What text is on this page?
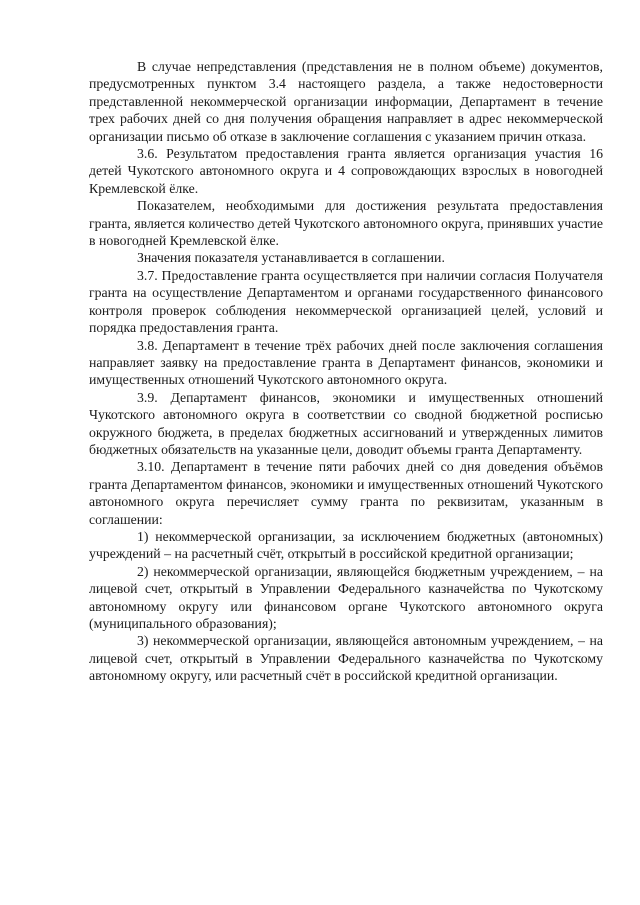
В случае непредставления (представления не в полном объеме) документов, предусмотренных пунктом 3.4 настоящего раздела, а также недостоверности представленной некоммерческой организации информации, Департамент в течение трех рабочих дней со дня получения обращения направляет в адрес некоммерческой организации письмо об отказе в заключение соглашения с указанием причин отказа.

3.6. Результатом предоставления гранта является организация участия 16 детей Чукотского автономного округа и 4 сопровождающих взрослых в новогодней Кремлевской ёлке.

Показателем, необходимыми для достижения результата предоставления гранта, является количество детей Чукотского автономного округа, принявших участие в новогодней Кремлевской ёлке.

Значения показателя устанавливается в соглашении.

3.7. Предоставление гранта осуществляется при наличии согласия Получателя гранта на осуществление Департаментом и органами государственного финансового контроля проверок соблюдения некоммерческой организацией целей, условий и порядка предоставления гранта.

3.8. Департамент в течение трёх рабочих дней после заключения соглашения направляет заявку на предоставление гранта в Департамент финансов, экономики и имущественных отношений Чукотского автономного округа.

3.9. Департамент финансов, экономики и имущественных отношений Чукотского автономного округа в соответствии со сводной бюджетной росписью окружного бюджета, в пределах бюджетных ассигнований и утвержденных лимитов бюджетных обязательств на указанные цели, доводит объемы гранта Департаменту.

3.10. Департамент в течение пяти рабочих дней со дня доведения объёмов гранта Департаментом финансов, экономики и имущественных отношений Чукотского автономного округа перечисляет сумму гранта по реквизитам, указанным в соглашении:

1) некоммерческой организации, за исключением бюджетных (автономных) учреждений – на расчетный счёт, открытый в российской кредитной организации;

2) некоммерческой организации, являющейся бюджетным учреждением, – на лицевой счет, открытый в Управлении Федерального казначейства по Чукотскому автономному округу или финансовом органе Чукотского автономного округа (муниципального образования);

3) некоммерческой организации, являющейся автономным учреждением, – на лицевой счет, открытый в Управлении Федерального казначейства по Чукотскому автономному округу, или расчетный счёт в российской кредитной организации.
